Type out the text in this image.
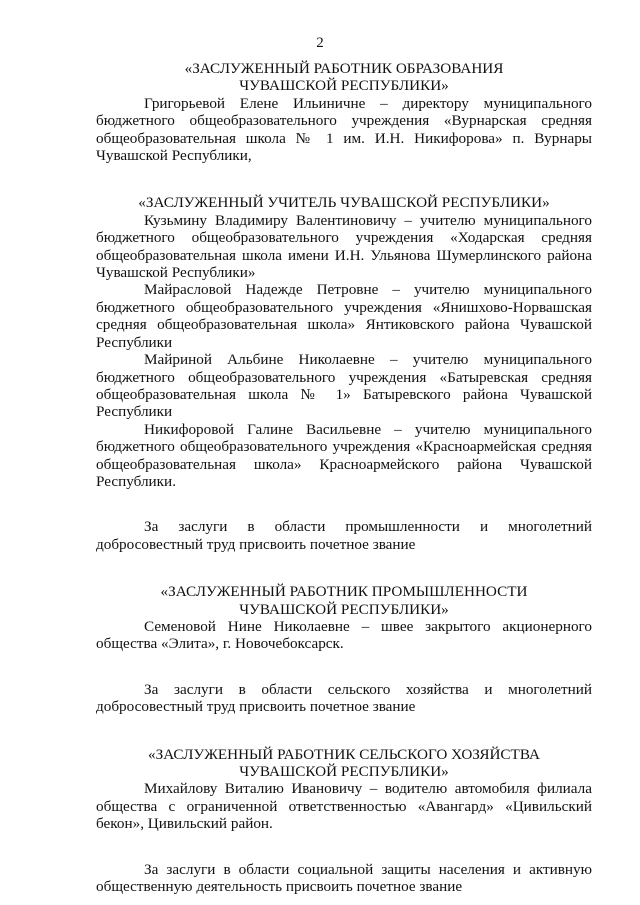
2
«ЗАСЛУЖЕННЫЙ РАБОТНИК ОБРАЗОВАНИЯ
ЧУВАШСКОЙ РЕСПУБЛИКИ»
Григорьевой Елене Ильиничне – директору муниципального бюджетного общеобразовательного учреждения «Вурнарская средняя общеобразовательная школа № 1 им. И.Н. Никифорова» п. Вурнары Чувашской Республики,
«ЗАСЛУЖЕННЫЙ УЧИТЕЛЬ ЧУВАШСКОЙ РЕСПУБЛИКИ»
Кузьмину Владимиру Валентиновичу – учителю муниципального бюджетного общеобразовательного учреждения «Ходарская средняя общеобразовательная школа имени И.Н. Ульянова Шумерлинского района Чувашской Республики»
Майрасловой Надежде Петровне – учителю муниципального бюджетного общеобразовательного учреждения «Янишхово-Норвашская средняя общеобразовательная школа» Янтиковского района Чувашской Республики
Майриной Альбине Николаевне – учителю муниципального бюджетного общеобразовательного учреждения «Батыревская средняя общеобразовательная школа № 1» Батыревского района Чувашской Республики
Никифоровой Галине Васильевне – учителю муниципального бюджетного общеобразовательного учреждения «Красноармейская средняя общеобразовательная школа» Красноармейского района Чувашской Республики.
За заслуги в области промышленности и многолетний добросовестный труд присвоить почетное звание
«ЗАСЛУЖЕННЫЙ РАБОТНИК ПРОМЫШЛЕННОСТИ
ЧУВАШСКОЙ РЕСПУБЛИКИ»
Семеновой Нине Николаевне – швее закрытого акционерного общества «Элита», г. Новочебоксарск.
За заслуги в области сельского хозяйства и многолетний добросовестный труд присвоить почетное звание
«ЗАСЛУЖЕННЫЙ РАБОТНИК СЕЛЬСКОГО ХОЗЯЙСТВА
ЧУВАШСКОЙ РЕСПУБЛИКИ»
Михайлову Виталию Ивановичу – водителю автомобиля филиала общества с ограниченной ответственностью «Авангард» «Цивильский бекон», Цивильский район.
За заслуги в области социальной защиты населения и активную общественную деятельность присвоить почетное звание
